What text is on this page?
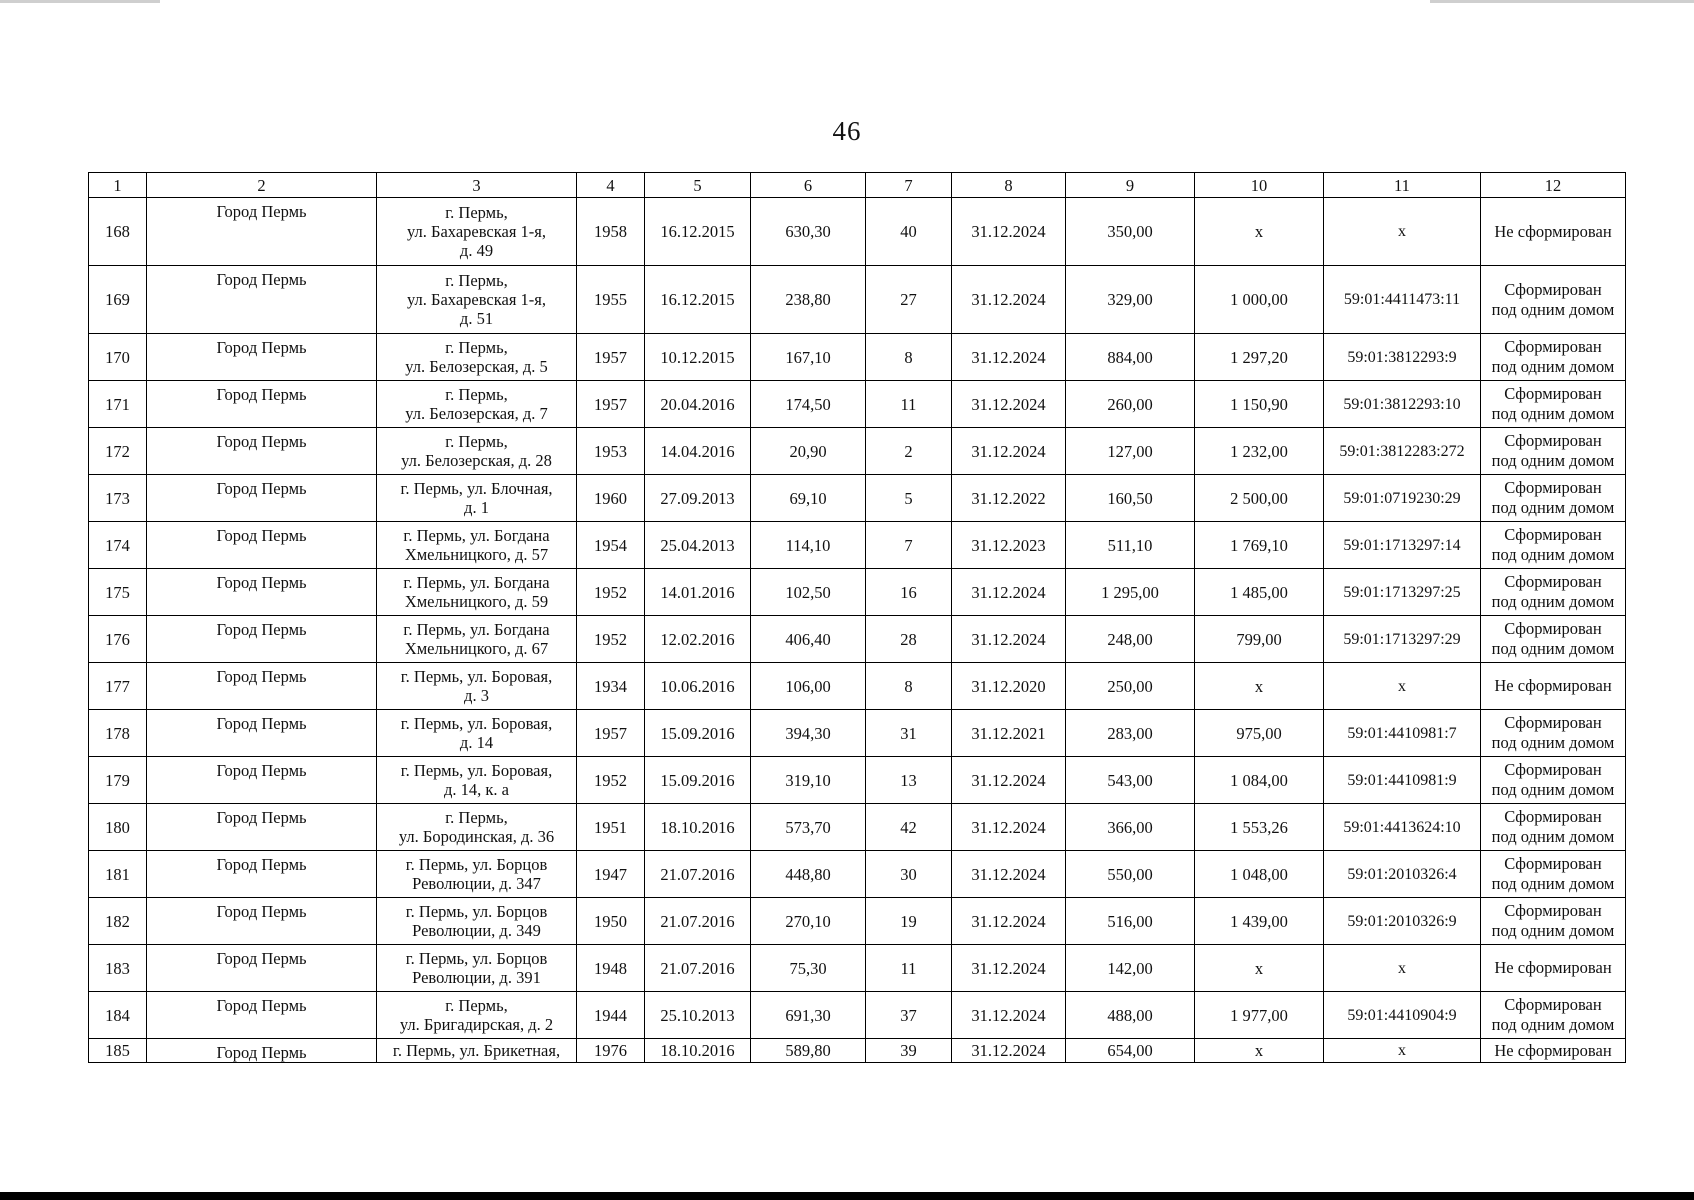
46
1	2	3	4	5	6	7	8	9	10	11	12
168	Город Пермь	г. Пермь,
ул. Бахаревская 1-я,
д. 49	1958	16.12.2015	630,30	40	31.12.2024	350,00	х	х	Не сформирован
169	Город Пермь	г. Пермь,
ул. Бахаревская 1-я,
д. 51	1955	16.12.2015	238,80	27	31.12.2024	329,00	1 000,00	59:01:4411473:11	Сформирован
под одним домом
170	Город Пермь	г. Пермь,
ул. Белозерская, д. 5	1957	10.12.2015	167,10	8	31.12.2024	884,00	1 297,20	59:01:3812293:9	Сформирован
под одним домом
171	Город Пермь	г. Пермь,
ул. Белозерская, д. 7	1957	20.04.2016	174,50	11	31.12.2024	260,00	1 150,90	59:01:3812293:10	Сформирован
под одним домом
172	Город Пермь	г. Пермь,
ул. Белозерская, д. 28	1953	14.04.2016	20,90	2	31.12.2024	127,00	1 232,00	59:01:3812283:272	Сформирован
под одним домом
173	Город Пермь	г. Пермь, ул. Блочная,
д. 1	1960	27.09.2013	69,10	5	31.12.2022	160,50	2 500,00	59:01:0719230:29	Сформирован
под одним домом
174	Город Пермь	г. Пермь, ул. Богдана
Хмельницкого, д. 57	1954	25.04.2013	114,10	7	31.12.2023	511,10	1 769,10	59:01:1713297:14	Сформирован
под одним домом
175	Город Пермь	г. Пермь, ул. Богдана
Хмельницкого, д. 59	1952	14.01.2016	102,50	16	31.12.2024	1 295,00	1 485,00	59:01:1713297:25	Сформирован
под одним домом
176	Город Пермь	г. Пермь, ул. Богдана
Хмельницкого, д. 67	1952	12.02.2016	406,40	28	31.12.2024	248,00	799,00	59:01:1713297:29	Сформирован
под одним домом
177	Город Пермь	г. Пермь, ул. Боровая,
д. 3	1934	10.06.2016	106,00	8	31.12.2020	250,00	х	х	Не сформирован
178	Город Пермь	г. Пермь, ул. Боровая,
д. 14	1957	15.09.2016	394,30	31	31.12.2021	283,00	975,00	59:01:4410981:7	Сформирован
под одним домом
179	Город Пермь	г. Пермь, ул. Боровая,
д. 14, к. а	1952	15.09.2016	319,10	13	31.12.2024	543,00	1 084,00	59:01:4410981:9	Сформирован
под одним домом
180	Город Пермь	г. Пермь,
ул. Бородинская, д. 36	1951	18.10.2016	573,70	42	31.12.2024	366,00	1 553,26	59:01:4413624:10	Сформирован
под одним домом
181	Город Пермь	г. Пермь, ул. Борцов
Революции, д. 347	1947	21.07.2016	448,80	30	31.12.2024	550,00	1 048,00	59:01:2010326:4	Сформирован
под одним домом
182	Город Пермь	г. Пермь, ул. Борцов
Революции, д. 349	1950	21.07.2016	270,10	19	31.12.2024	516,00	1 439,00	59:01:2010326:9	Сформирован
под одним домом
183	Город Пермь	г. Пермь, ул. Борцов
Революции, д. 391	1948	21.07.2016	75,30	11	31.12.2024	142,00	х	х	Не сформирован
184	Город Пермь	г. Пермь,
ул. Бригадирская, д. 2	1944	25.10.2013	691,30	37	31.12.2024	488,00	1 977,00	59:01:4410904:9	Сформирован
под одним домом
185	Город Пермь	г. Пермь, ул. Брикетная,	1976	18.10.2016	589,80	39	31.12.2024	654,00	х	х	Не сформирован
